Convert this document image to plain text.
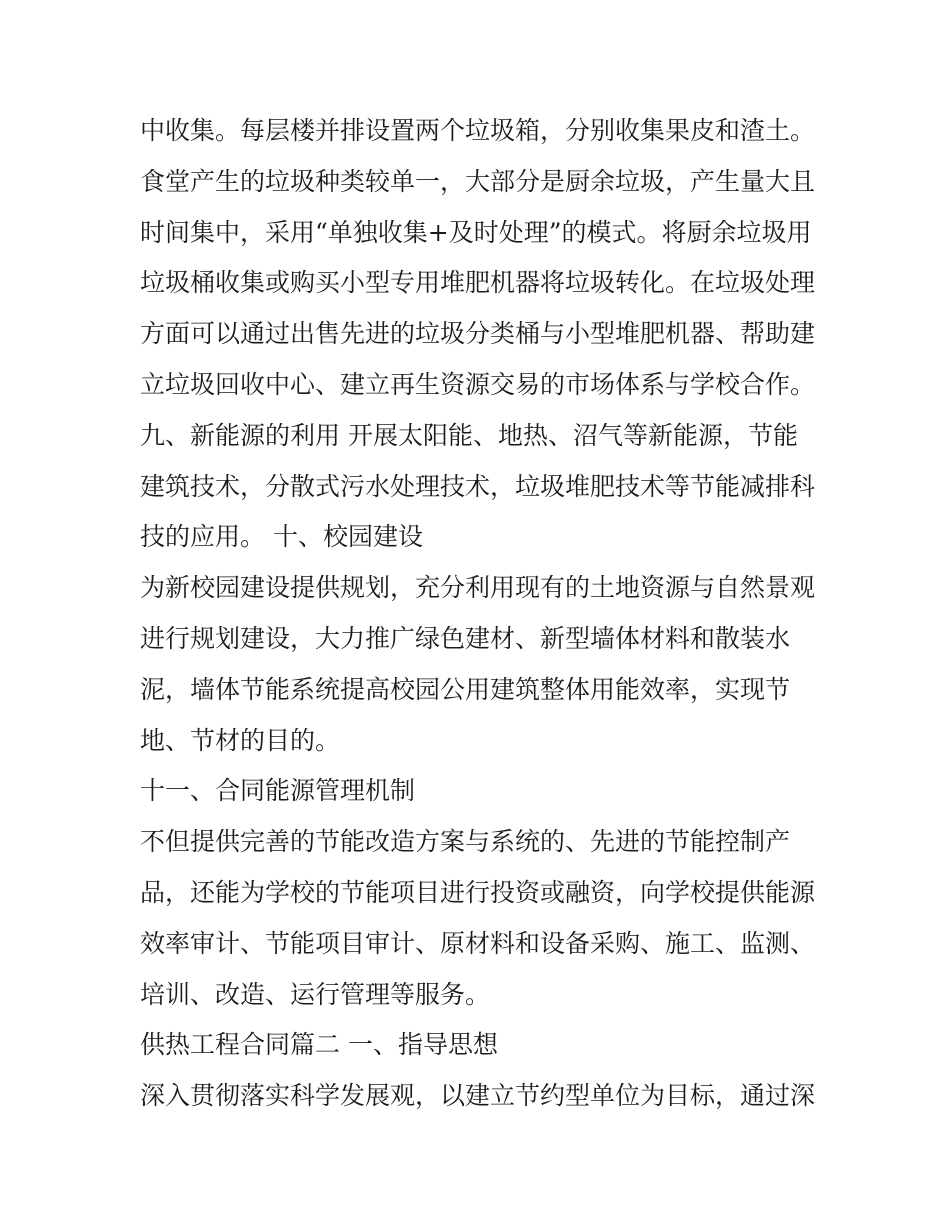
中收集。每层楼并排设置两个垃圾箱，分别收集果皮和渣土。
食堂产生的垃圾种类较单一，大部分是厨余垃圾，产生量大且
时间集中，采用“单独收集+及时处理”的模式。将厨余垃圾用
垃圾桶收集或购买小型专用堆肥机器将垃圾转化。在垃圾处理
方面可以通过出售先进的垃圾分类桶与小型堆肥机器、帮助建
立垃圾回收中心、建立再生资源交易的市场体系与学校合作。
九、新能源的利用 开展太阳能、地热、沼气等新能源，节能
建筑技术，分散式污水处理技术，垃圾堆肥技术等节能减排科
技的应用。 十、校园建设
为新校园建设提供规划，充分利用现有的土地资源与自然景观
进行规划建设，大力推广绿色建材、新型墙体材料和散装水
泥，墙体节能系统提高校园公用建筑整体用能效率，实现节
地、节材的目的。
十一、合同能源管理机制
不但提供完善的节能改造方案与系统的、先进的节能控制产
品，还能为学校的节能项目进行投资或融资，向学校提供能源
效率审计、节能项目审计、原材料和设备采购、施工、监测、
培训、改造、运行管理等服务。
供热工程合同篇二 一、指导思想
深入贯彻落实科学发展观，以建立节约型单位为目标，通过深
